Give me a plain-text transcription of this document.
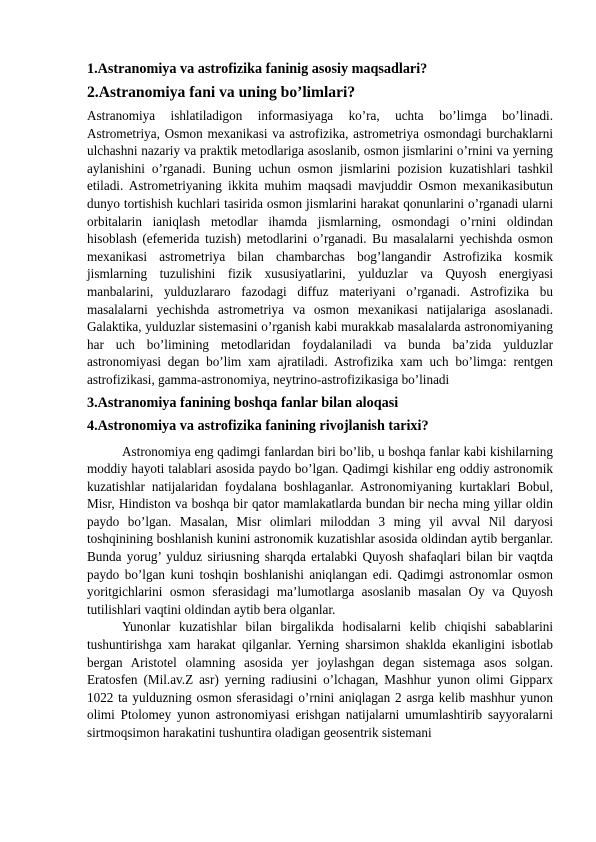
1.Astranomiya va astrofizika faninig asosiy maqsadlari?
2.Astranomiya fani va uning bo’limlari?

Astranomiya ishlatiladigon informasiyaga ko’ra, uchta bo’limga bo’linadi. Astrometriya, Osmon mexanikasi va astrofizika, astrometriya osmondagi burchaklarni ulchashni nazariy va praktik metodlariga asoslanib, osmon jismlarini o’rnini va yerning aylanishini o’rganadi. Buning uchun osmon jismlarini pozision kuzatishlari tashkil etiladi. Astrometriyaning ikkita muhim maqsadi mavjuddir Osmon mexanikasibutun dunyo tortishish kuchlari tasirida osmon jismlarini harakat qonunlarini o’rganadi ularni orbitalarin ianiqlash metodlar ihamda jismlarning, osmondagi o’rnini oldindan hisoblash (efemerida tuzish) metodlarini o’rganadi. Bu masalalarni yechishda osmon mexanikasi astrometriya bilan chambarchas bog’langandir Astrofizika kosmik jismlarning tuzulishini fizik xususiyatlarini, yulduzlar va Quyosh energiyasi manbalarini, yulduzlararo fazodagi diffuz materiyani o’rganadi. Astrofizika bu masalalarni yechishda astrometriya va osmon mexanikasi natijalariga asoslanadi. Galaktika, yulduzlar sistemasini o’rganish kabi murakkab masalalarda astronomiyaning har uch bo’limining metodlaridan foydalaniladi va bunda ba’zida yulduzlar astronomiyasi degan bo’lim xam ajratiladi. Astrofizika xam uch bo’limga: rentgen astrofizikasi, gamma-astronomiya, neytrino-astrofizikasiga bo’linadi

3.Astranomiya fanining boshqa fanlar bilan aloqasi
4.Astronomiya va astrofizika fanining rivojlanish tarixi?

Astronomiya eng qadimgi fanlardan biri bo’lib, u boshqa fanlar kabi kishilarning moddiy hayoti talablari asosida paydo bo’lgan. Qadimgi kishilar eng oddiy astronomik kuzatishlar natijalaridan foydalana boshlaganlar. Astronomiyaning kurtaklari Bobul, Misr, Hindiston va boshqa bir qator mamlakatlarda bundan bir necha ming yillar oldin paydo bo’lgan. Masalan, Misr olimlari miloddan 3 ming yil avval Nil daryosi toshqinining boshlanish kunini astronomik kuzatishlar asosida oldindan aytib berganlar. Bunda yorug’ yulduz siriusning sharqda ertalabki Quyosh shafaqlari bilan bir vaqtda paydo bo’lgan kuni toshqin boshlanishi aniqlangan edi. Qadimgi astronomlar osmon yoritgichlarini osmon sferasidagi ma’lumotlarga asoslanib masalan Oy va Quyosh tutilishlari vaqtini oldindan aytib bera olganlar.

Yunonlar kuzatishlar bilan birgalikda hodisalarni kelib chiqishi sabablarini tushuntirishga xam harakat qilganlar. Yerning sharsimon shaklda ekanligini isbotlab bergan Aristotel olamning asosida yer joylashgan degan sistemaga asos solgan. Eratosfen (Mil.av.Z asr) yerning radiusini o’lchagan, Mashhur yunon olimi Gipparx 1022 ta yulduzning osmon sferasidagi o’rnini aniqlagan 2 asrga kelib mashhur yunon olimi Ptolomey yunon astronomiyasi erishgan natijalarni umumlashtirib sayyoralarni sirtmoqsimon harakatini tushuntira oladigan geosentrik sistemani
